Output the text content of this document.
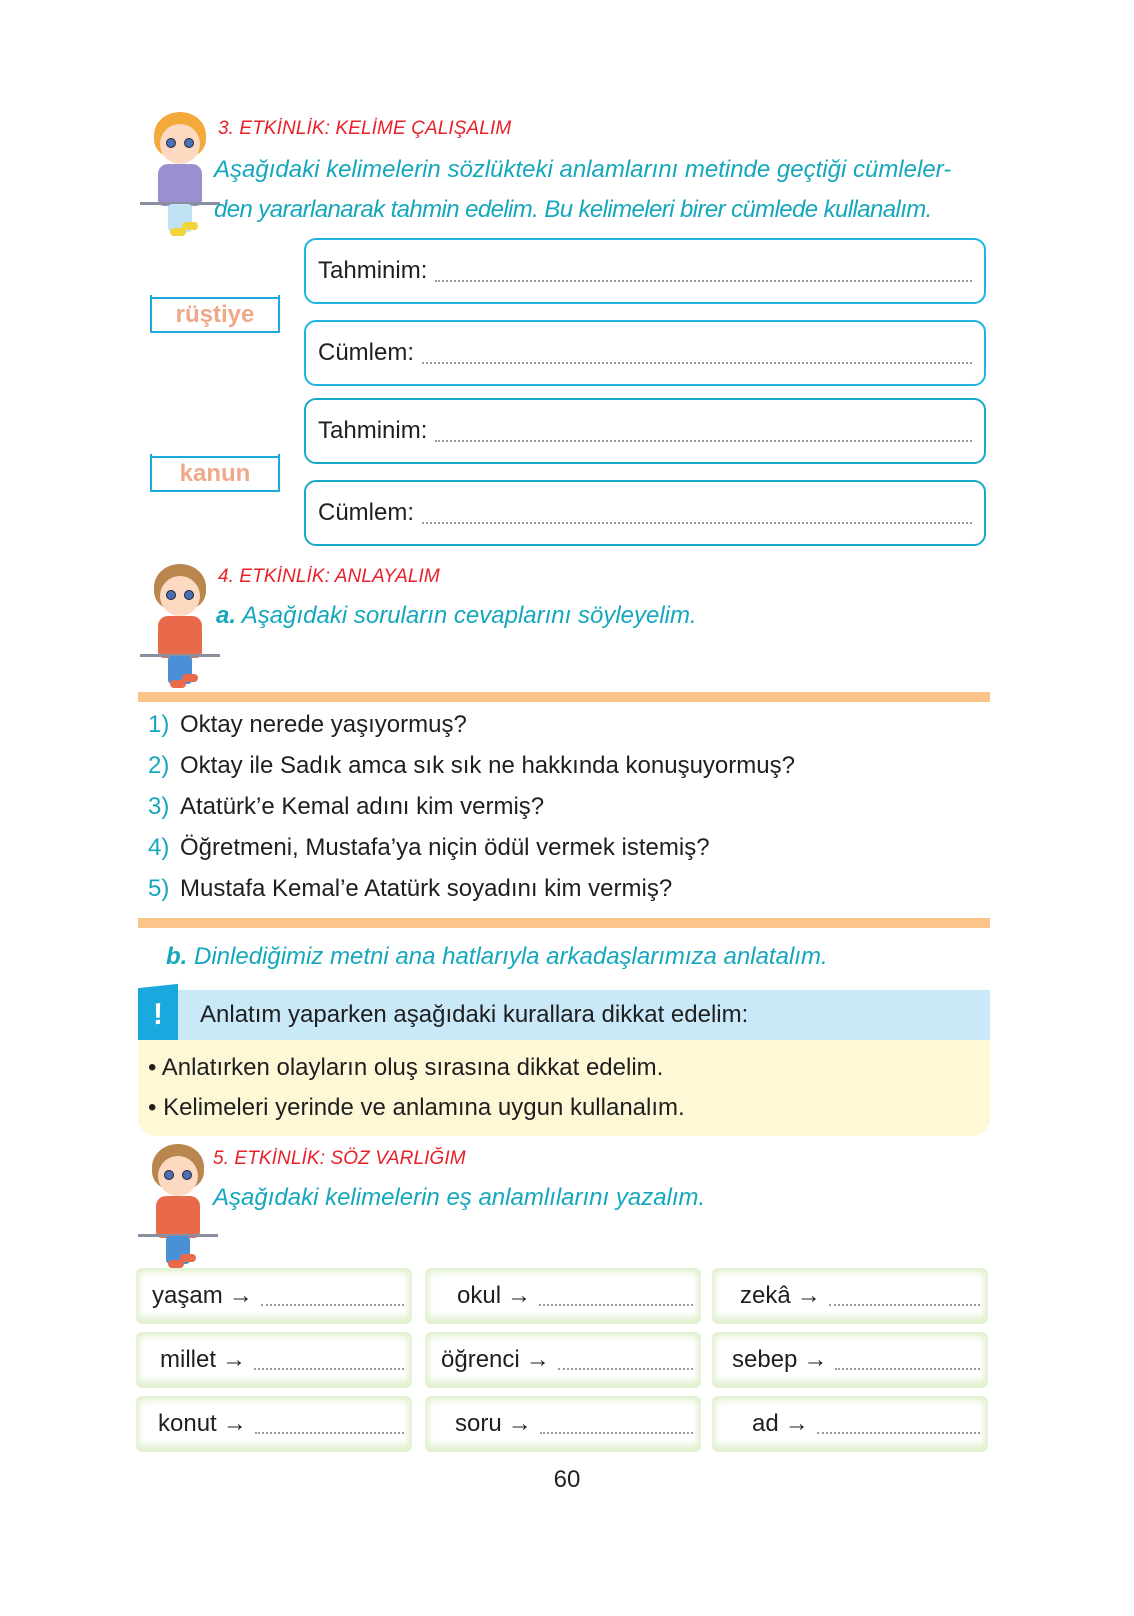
3. ETKİNLİK: KELİME ÇALIŞALIM
Aşağıdaki kelimelerin sözlükteki anlamlarını metinde geçtiği cümleler-
den yararlanarak tahmin edelim. Bu kelimeleri birer cümlede kullanalım.
rüştiye
kanun
Tahminim:
Cümlem:
Tahminim:
Cümlem:
4. ETKİNLİK: ANLAYALIM
a. Aşağıdaki soruların cevaplarını söyleyelim.
1) Oktay nerede yaşıyormuş?
2) Oktay ile Sadık amca sık sık ne hakkında konuşuyormuş?
3) Atatürk’e Kemal adını kim vermiş?
4) Öğretmeni, Mustafa’ya niçin ödül vermek istemiş?
5) Mustafa Kemal’e Atatürk soyadını kim vermiş?
b. Dinlediğimiz metni ana hatlarıyla arkadaşlarımıza anlatalım.
Anlatım yaparken aşağıdaki kurallara dikkat edelim:
!
• Anlatırken olayların oluş sırasına dikkat edelim.
• Kelimeleri yerinde ve anlamına uygun kullanalım.
5. ETKİNLİK: SÖZ VARLIĞIM
Aşağıdaki kelimelerin eş anlamlılarını yazalım.
yaşam →	okul →	zekâ →
millet →	öğrenci →	sebep →
konut →	soru →	ad →
60
